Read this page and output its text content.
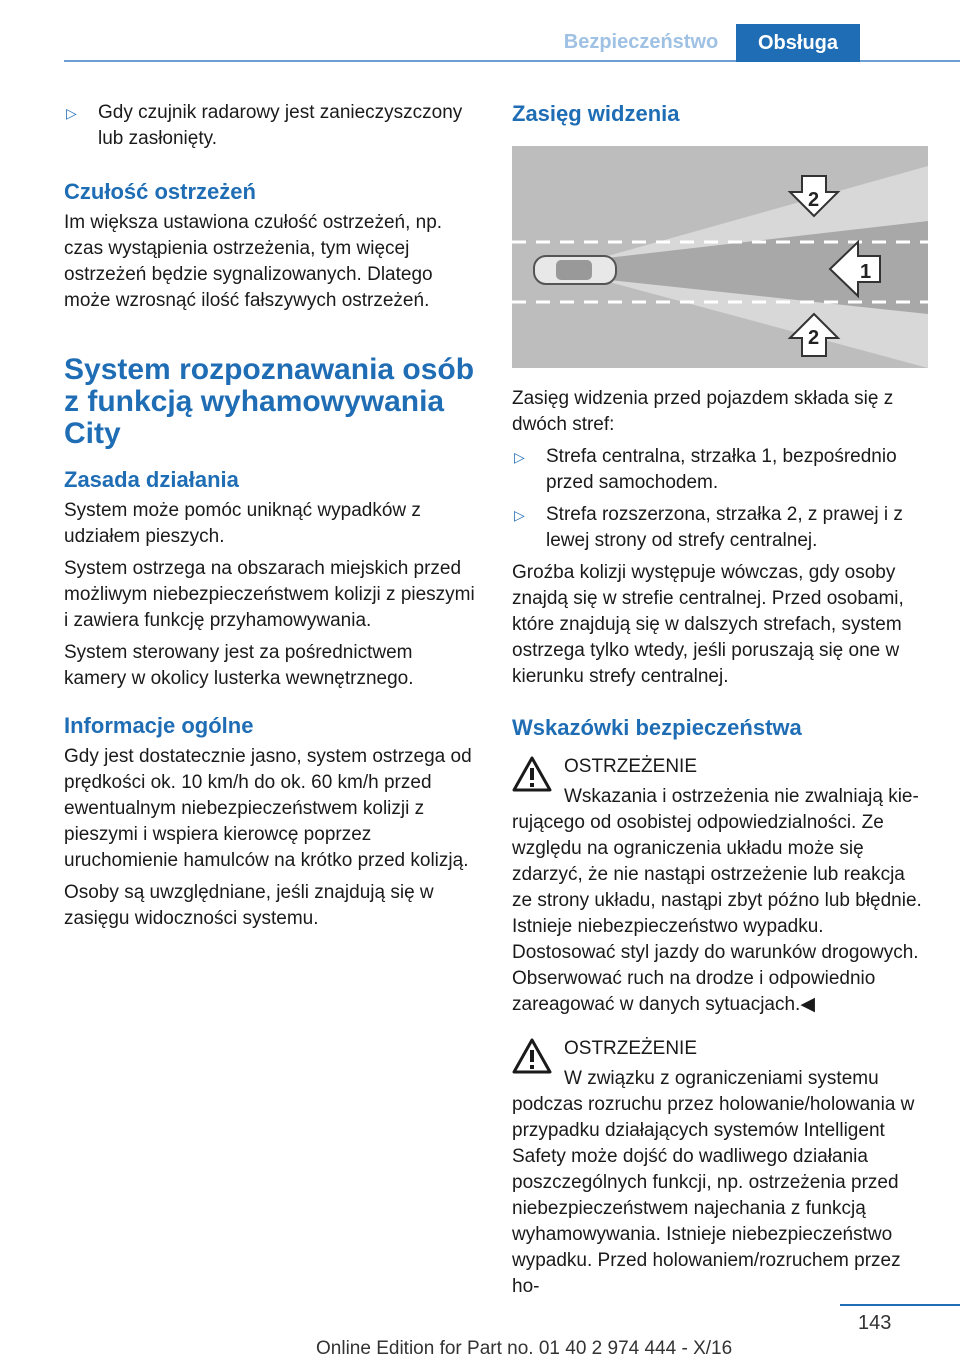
Bezpieczeństwo	Obsługa
▷ Gdy czujnik radarowy jest zanieczyszczony lub zasłonięty.
Czułość ostrzeżeń

Im większa ustawiona czułość ostrzeżeń, np. czas wystąpienia ostrzeżenia, tym więcej ostrzeżeń będzie sygnalizowanych. Dlatego może wzrosnąć ilość fałszywych ostrzeżeń.

System rozpoznawania osób z funkcją wyhamowywania City
Zasada działania

System może pomóc uniknąć wypadków z udziałem pieszych.

System ostrzega na obszarach miejskich przed możliwym niebezpieczeństwem kolizji z pieszymi i zawiera funkcję przyhamowywania.

System sterowany jest za pośrednictwem kamery w okolicy lusterka wewnętrznego.

Informacje ogólne

Gdy jest dostatecznie jasno, system ostrzega od prędkości ok. 10 km/h do ok. 60 km/h przed ewentualnym niebezpieczeństwem kolizji z pieszymi i wspiera kierowcę poprzez uruchomienie hamulców na krótko przed kolizją.

Osoby są uwzględniane, jeśli znajdują się w zasięgu widoczności systemu.

Zasięg widzenia
1
2
2

Zasięg widzenia przed pojazdem składa się z dwóch stref:

▷ Strefa centralna, strzałka 1, bezpośrednio przed samochodem.
▷ Strefa rozszerzona, strzałka 2, z prawej i z lewej strony od strefy centralnej.

Groźba kolizji występuje wówczas, gdy osoby znajdą się w strefie centralnej. Przed osobami, które znajdują się w dalszych strefach, system ostrzega tylko wtedy, jeśli poruszają się one w kierunku strefy centralnej.

Wskazówki bezpieczeństwa
OSTRZEŻENIE
Wskazania i ostrzeżenia nie zwalniają kie-
rującego od osobistej odpowiedzialności. Ze względu na ograniczenia układu może się zdarzyć, że nie nastąpi ostrzeżenie lub reakcja ze strony układu, nastąpi zbyt późno lub błędnie. Istnieje niebezpieczeństwo wypadku. Dostosować styl jazdy do warunków drogowych. Obserwować ruch na drodze i odpowiednio zareagować w danych sytuacjach.◀
OSTRZEŻENIE
W związku z ograniczeniami systemu
podczas rozruchu przez holowanie/holowania w przypadku działających systemów Intelligent Safety może dojść do wadliwego działania poszczególnych funkcji, np. ostrzeżenia przed niebezpieczeństwem najechania z funkcją wyhamowywania. Istnieje niebezpieczeństwo wypadku. Przed holowaniem/rozruchem przez ho-
143
Online Edition for Part no. 01 40 2 974 444 - X/16
